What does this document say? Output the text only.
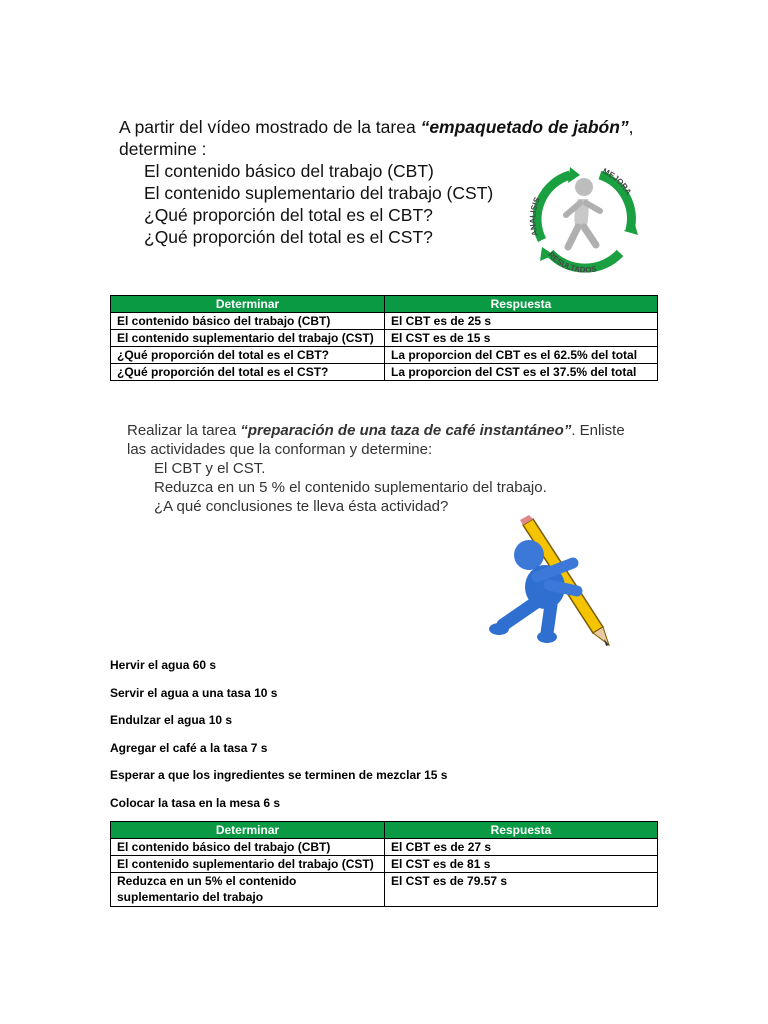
A partir del vídeo mostrado de la tarea “empaquetado de jabón”, determine :

El contenido básico del trabajo (CBT)

El contenido suplementario del trabajo (CST)

¿Qué proporción del total es el CBT?

¿Qué proporción del total es el CST?	ANALISIS
MEJORA
RESULTADOS
Determinar	Respuesta
El contenido básico del trabajo (CBT)	El CBT es de 25 s
El contenido suplementario del trabajo (CST)	El CST es de 15 s
¿Qué proporción del total es el CBT?	La proporcion del CBT es el 62.5% del total
¿Qué proporción del total es el CST?	La proporcion del CST es el 37.5% del total

Realizar la tarea “preparación de una taza de café instantáneo”. Enliste las actividades que la conforman y determine:

El CBT y el CST.

Reduzca en un 5 % el contenido suplementario del trabajo.

¿A qué conclusiones te lleva ésta actividad?

Hervir el agua 60 s

Servir el agua a una tasa 10 s

Endulzar el agua 10 s

Agregar el café a la tasa 7 s

Esperar a que los ingredientes se terminen de mezclar 15 s

Colocar la tasa en la mesa 6 s

Determinar	Respuesta
El contenido básico del trabajo (CBT)	El CBT es de 27 s
El contenido suplementario del trabajo (CST)	El CST es de 81 s
Reduzca en un 5% el contenido suplementario del trabajo	El CST es de 79.57 s
